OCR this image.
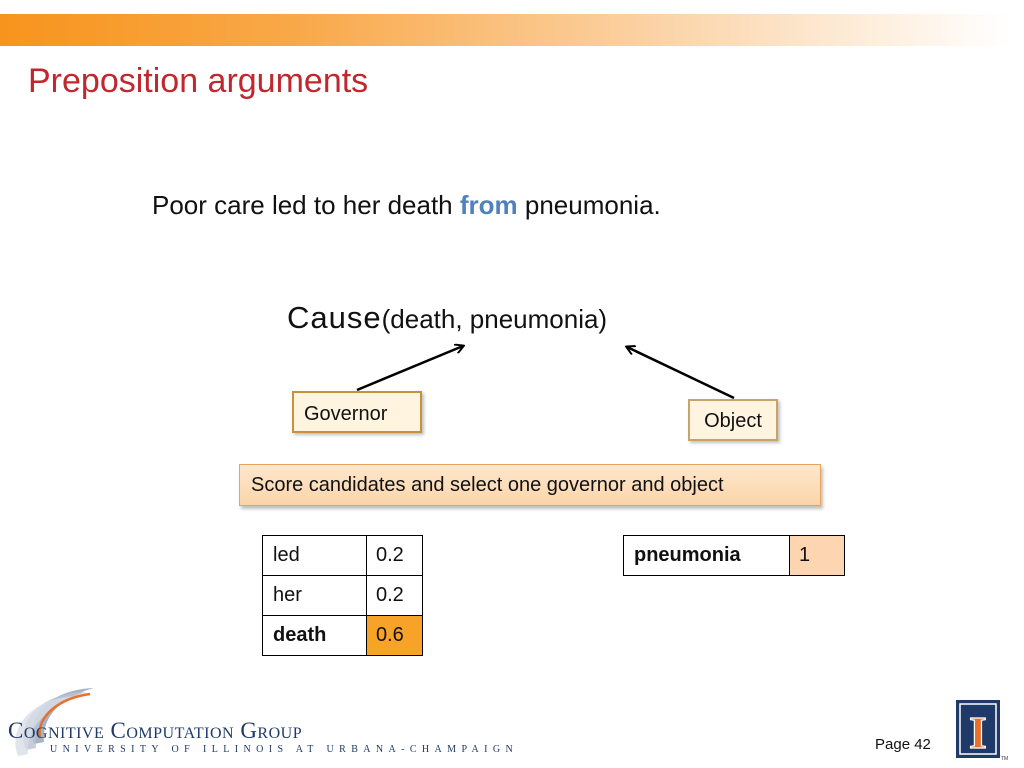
Preposition arguments
Poor care led to her death from pneumonia.
Cause(death, pneumonia)
Governor	Object
Score candidates and select one governor and object
led	0.2
her	0.2
death	0.6
pneumonia	1

Cognitive Computation Group

UNIVERSITY OF ILLINOIS AT URBANA-CHAMPAIGN	Page 42 I
TM
